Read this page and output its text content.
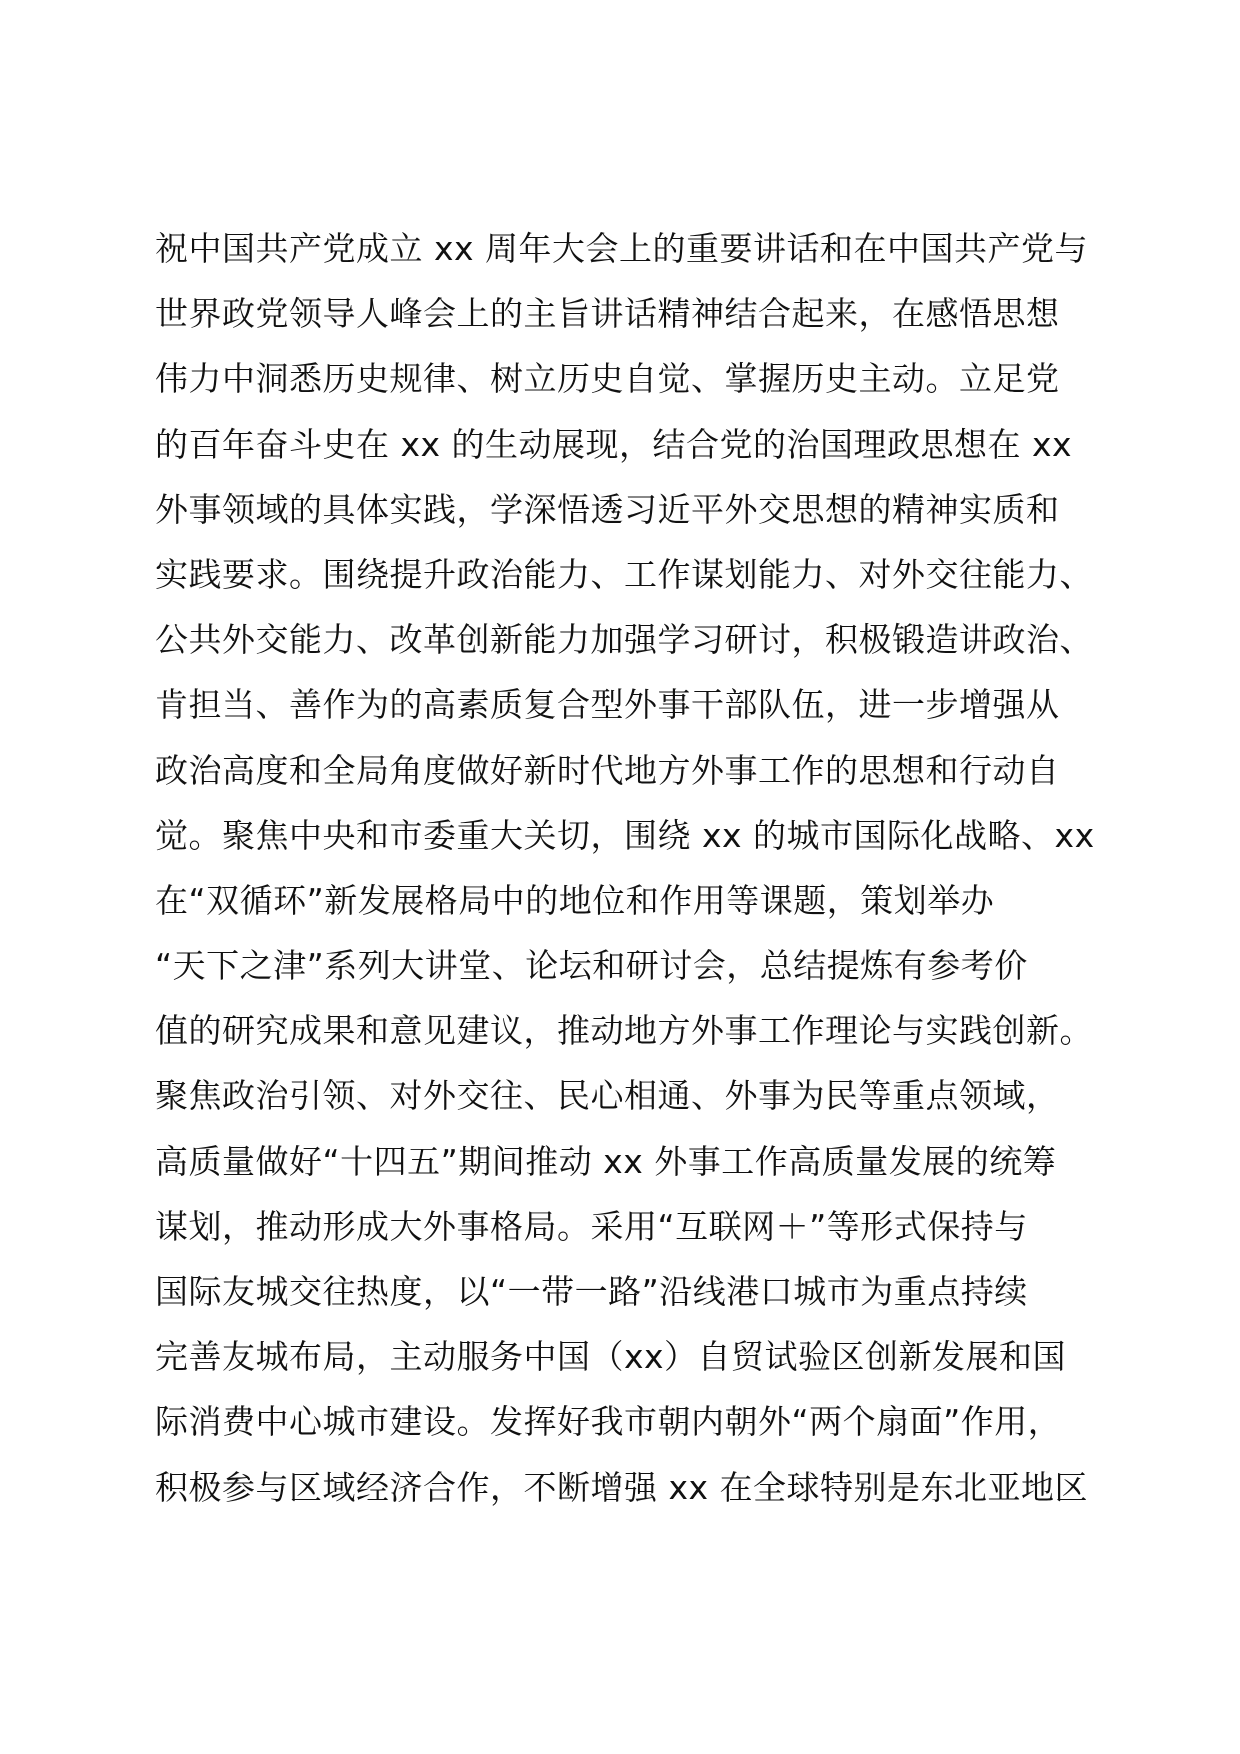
祝中国共产党成立 xx 周年大会上的重要讲话和在中国共产党与
世界政党领导人峰会上的主旨讲话精神结合起来，在感悟思想
伟力中洞悉历史规律、树立历史自觉、掌握历史主动。立足党
的百年奋斗史在 xx 的生动展现，结合党的治国理政思想在 xx
外事领域的具体实践，学深悟透习近平外交思想的精神实质和
实践要求。围绕提升政治能力、工作谋划能力、对外交往能力、
公共外交能力、改革创新能力加强学习研讨，积极锻造讲政治、
肯担当、善作为的高素质复合型外事干部队伍，进一步增强从
政治高度和全局角度做好新时代地方外事工作的思想和行动自
觉。聚焦中央和市委重大关切，围绕 xx 的城市国际化战略、xx
在“双循环”新发展格局中的地位和作用等课题，策划举办
“天下之津”系列大讲堂、论坛和研讨会，总结提炼有参考价
值的研究成果和意见建议，推动地方外事工作理论与实践创新。
聚焦政治引领、对外交往、民心相通、外事为民等重点领域，
高质量做好“十四五”期间推动 xx 外事工作高质量发展的统筹
谋划，推动形成大外事格局。采用“互联网＋”等形式保持与
国际友城交往热度，以“一带一路”沿线港口城市为重点持续
完善友城布局，主动服务中国（xx）自贸试验区创新发展和国
际消费中心城市建设。发挥好我市朝内朝外“两个扇面”作用，
积极参与区域经济合作，不断增强 xx 在全球特别是东北亚地区
